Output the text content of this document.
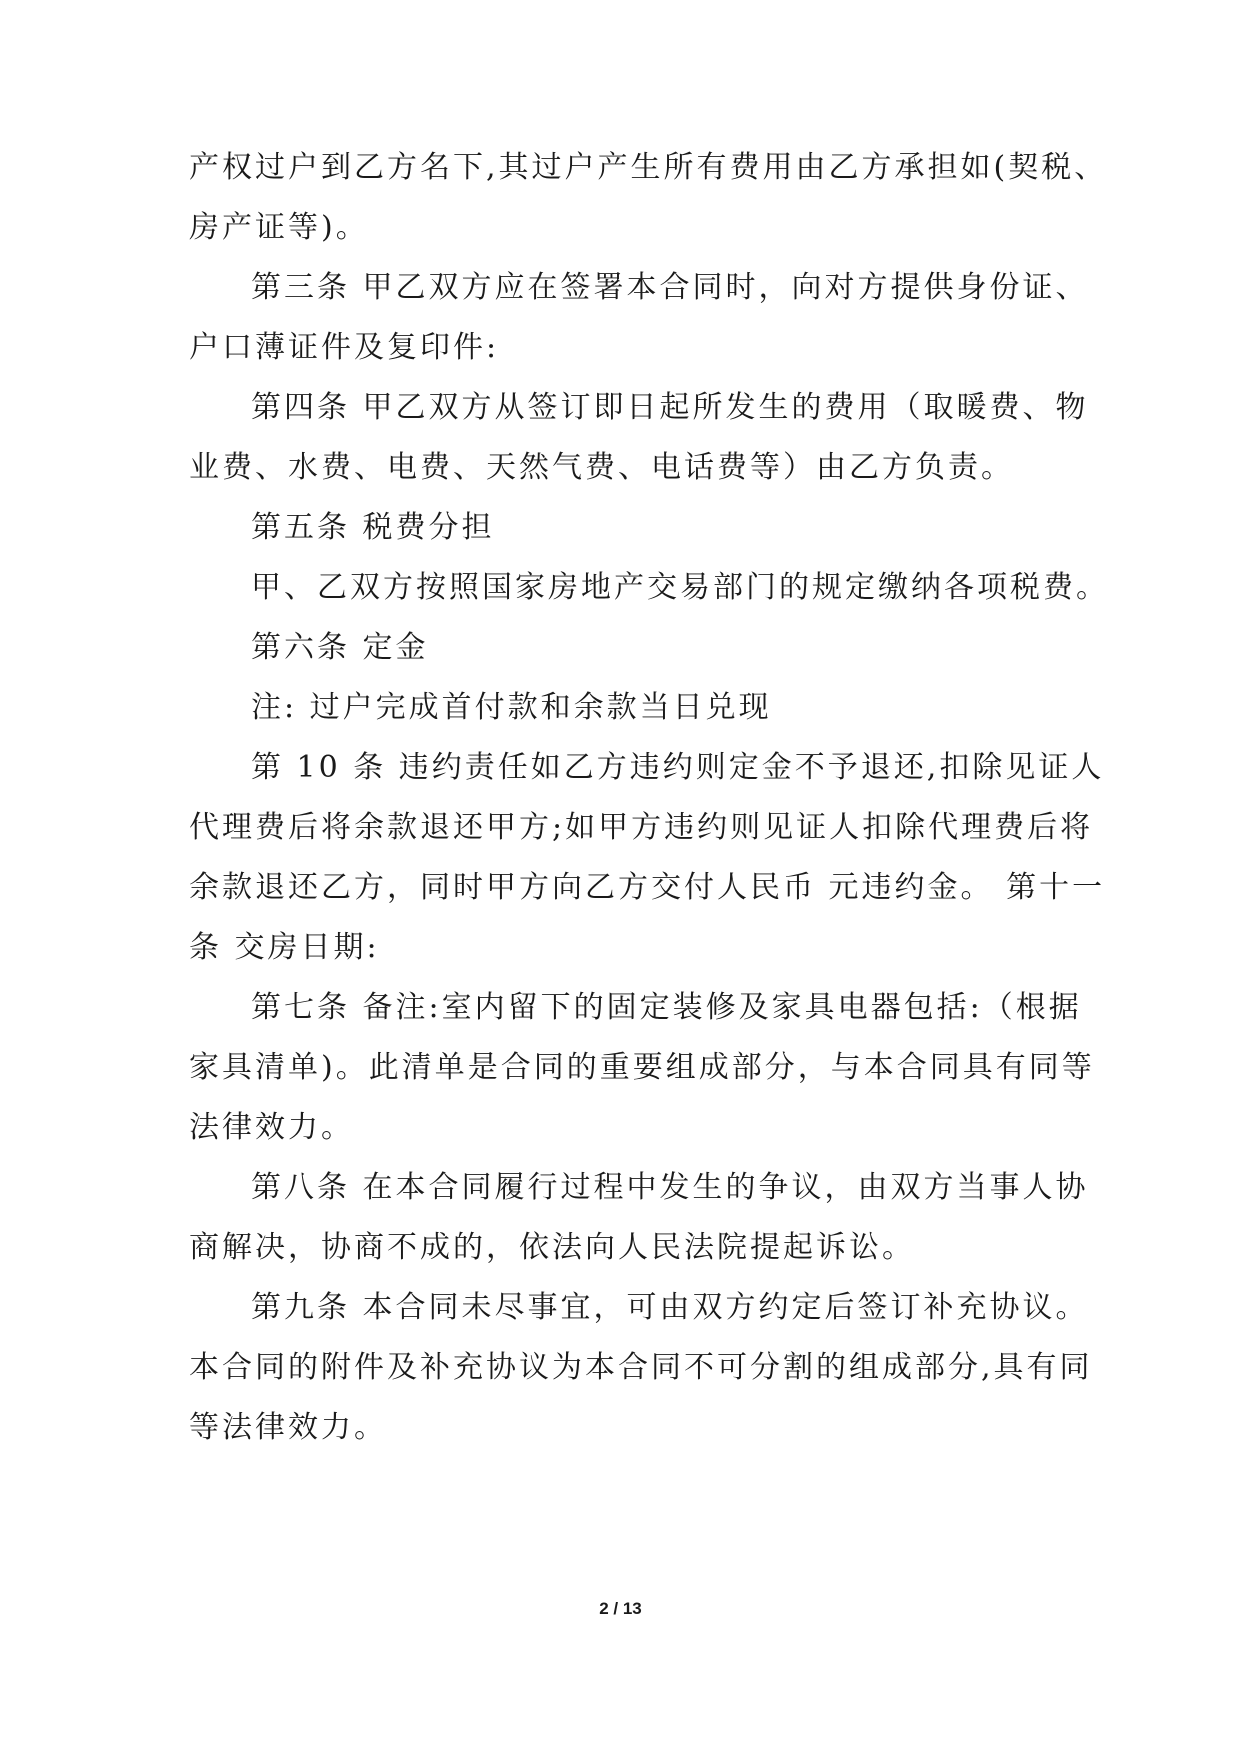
产权过户到乙方名下,其过户产生所有费用由乙方承担如(契税、
房产证等)。
第三条 甲乙双方应在签署本合同时，向对方提供身份证、
户口薄证件及复印件:
第四条 甲乙双方从签订即日起所发生的费用（取暖费、物
业费、水费、电费、天然气费、电话费等）由乙方负责。
第五条 税费分担
甲、乙双方按照国家房地产交易部门的规定缴纳各项税费。
第六条 定金
注: 过户完成首付款和余款当日兑现
第 10 条 违约责任如乙方违约则定金不予退还,扣除见证人
代理费后将余款退还甲方;如甲方违约则见证人扣除代理费后将
余款退还乙方，同时甲方向乙方交付人民币 元违约金。 第十一
条 交房日期:
第七条 备注:室内留下的固定装修及家具电器包括:（根据
家具清单)。此清单是合同的重要组成部分，与本合同具有同等
法律效力。
第八条 在本合同履行过程中发生的争议，由双方当事人协
商解决，协商不成的，依法向人民法院提起诉讼。
第九条 本合同未尽事宜，可由双方约定后签订补充协议。
本合同的附件及补充协议为本合同不可分割的组成部分,具有同
等法律效力。
2 / 13
